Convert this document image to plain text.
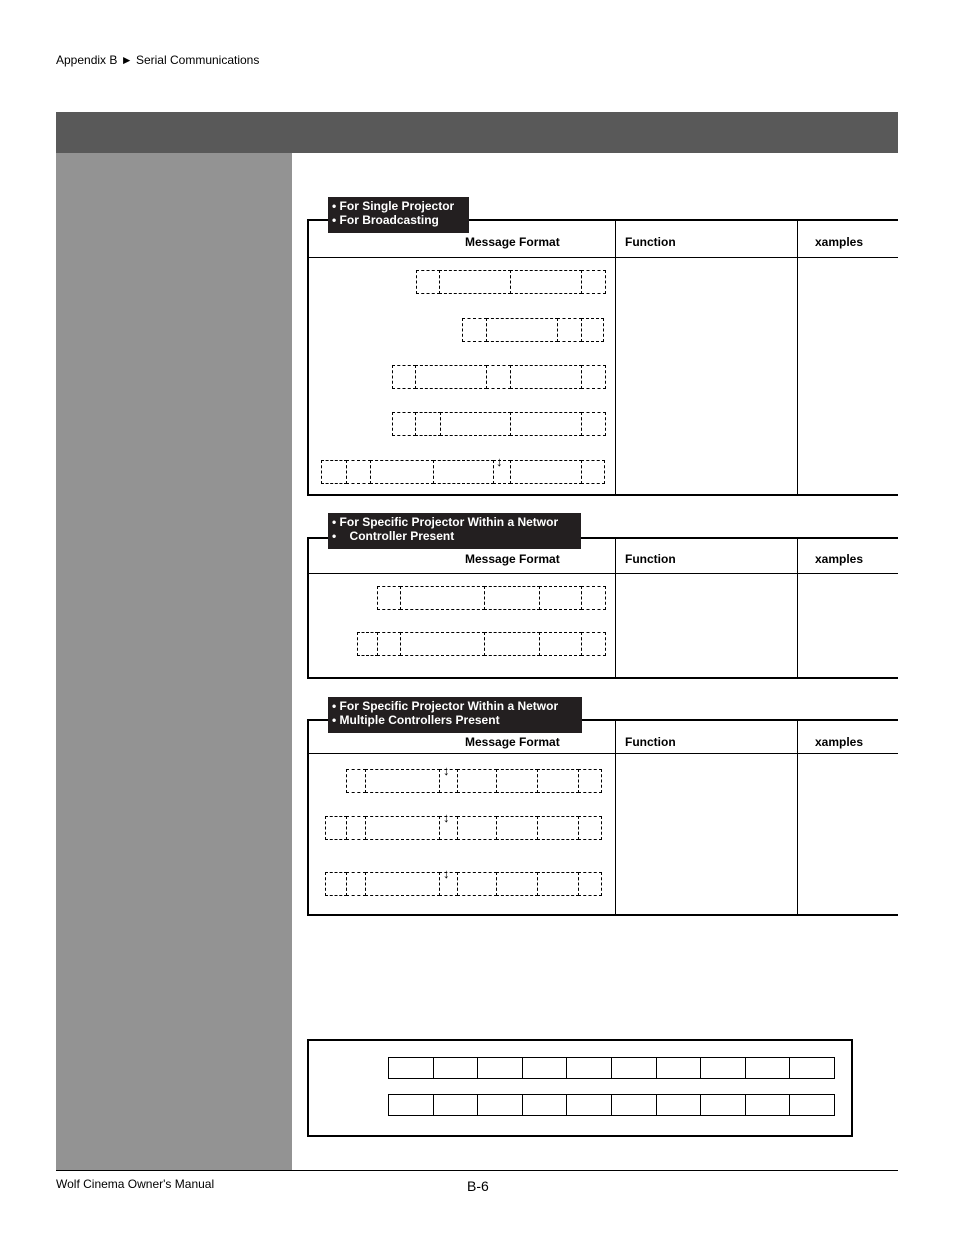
Appendix B ► Serial Communications
Message Format	Function	xamples
• For Single Projector
• For Broadcasting
↓
Message Format	Function	xamples
• For Specific Projector Within a Networ
•    Controller Present
Message Format	Function	xamples
• For Specific Projector Within a Networ
• Multiple Controllers Present
↓
↓
↓
Wolf Cinema Owner's Manual	B-6
